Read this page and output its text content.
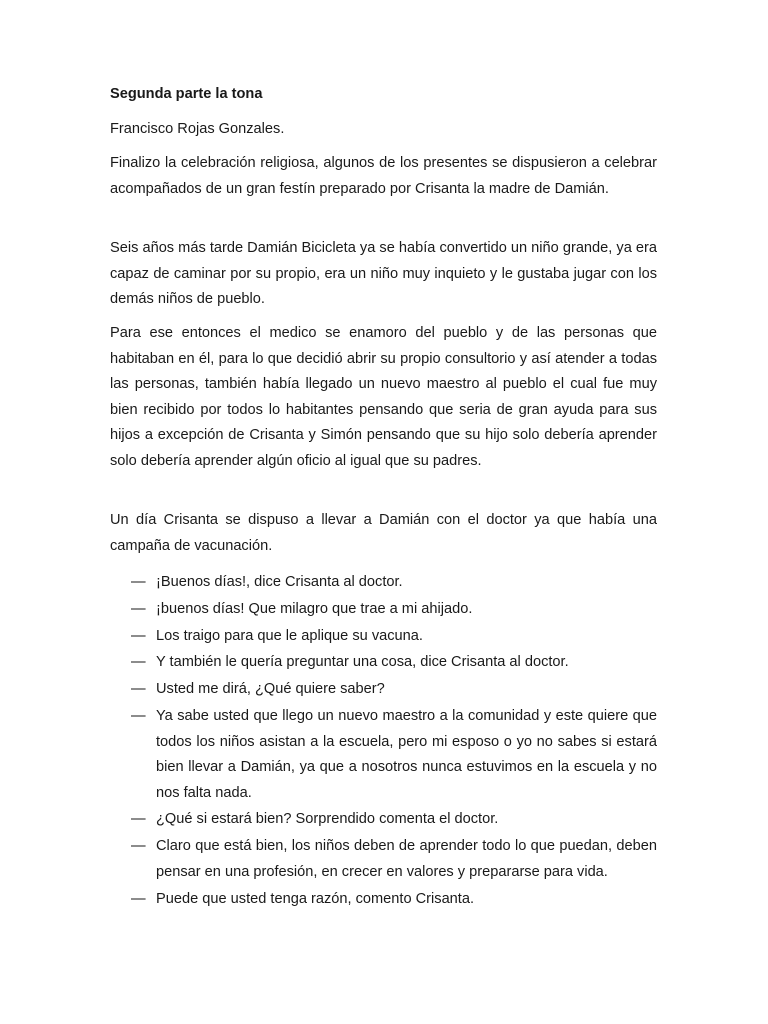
Segunda parte la tona
Francisco Rojas Gonzales.

Finalizo la celebración religiosa, algunos de los presentes se dispusieron a celebrar acompañados de un gran festín preparado por Crisanta la madre de Damián.

Seis años más tarde Damián Bicicleta ya se había convertido un niño grande, ya era capaz de caminar por su propio, era un niño muy inquieto y le gustaba jugar con los demás niños de pueblo.

Para ese entonces el medico se enamoro del pueblo y de las personas que habitaban en él, para lo que decidió abrir su propio consultorio y así atender a todas las personas, también había llegado un nuevo maestro al pueblo el cual fue muy bien recibido por todos lo habitantes pensando que seria de gran ayuda para sus hijos a excepción de Crisanta y Simón pensando que su hijo solo debería aprender solo debería aprender algún oficio al igual que su padres.

Un día Crisanta se dispuso a llevar a Damián con el doctor ya que había una campaña de vacunación.

— ¡Buenos días!, dice Crisanta al doctor.
— ¡buenos días! Que milagro que trae a mi ahijado.
— Los traigo para que le aplique su vacuna.
— Y también le quería preguntar una cosa, dice Crisanta al doctor.
— Usted me dirá, ¿Qué quiere saber?
— Ya sabe usted que llego un nuevo maestro a la comunidad y este quiere que todos los niños asistan a la escuela, pero mi esposo o yo no sabes si estará bien llevar a Damián, ya que a nosotros nunca estuvimos en la escuela y no nos falta nada.
— ¿Qué si estará bien? Sorprendido comenta el doctor.
— Claro que está bien, los niños deben de aprender todo lo que puedan, deben pensar en una profesión, en crecer en valores y prepararse para vida.
— Puede que usted tenga razón, comento Crisanta.
